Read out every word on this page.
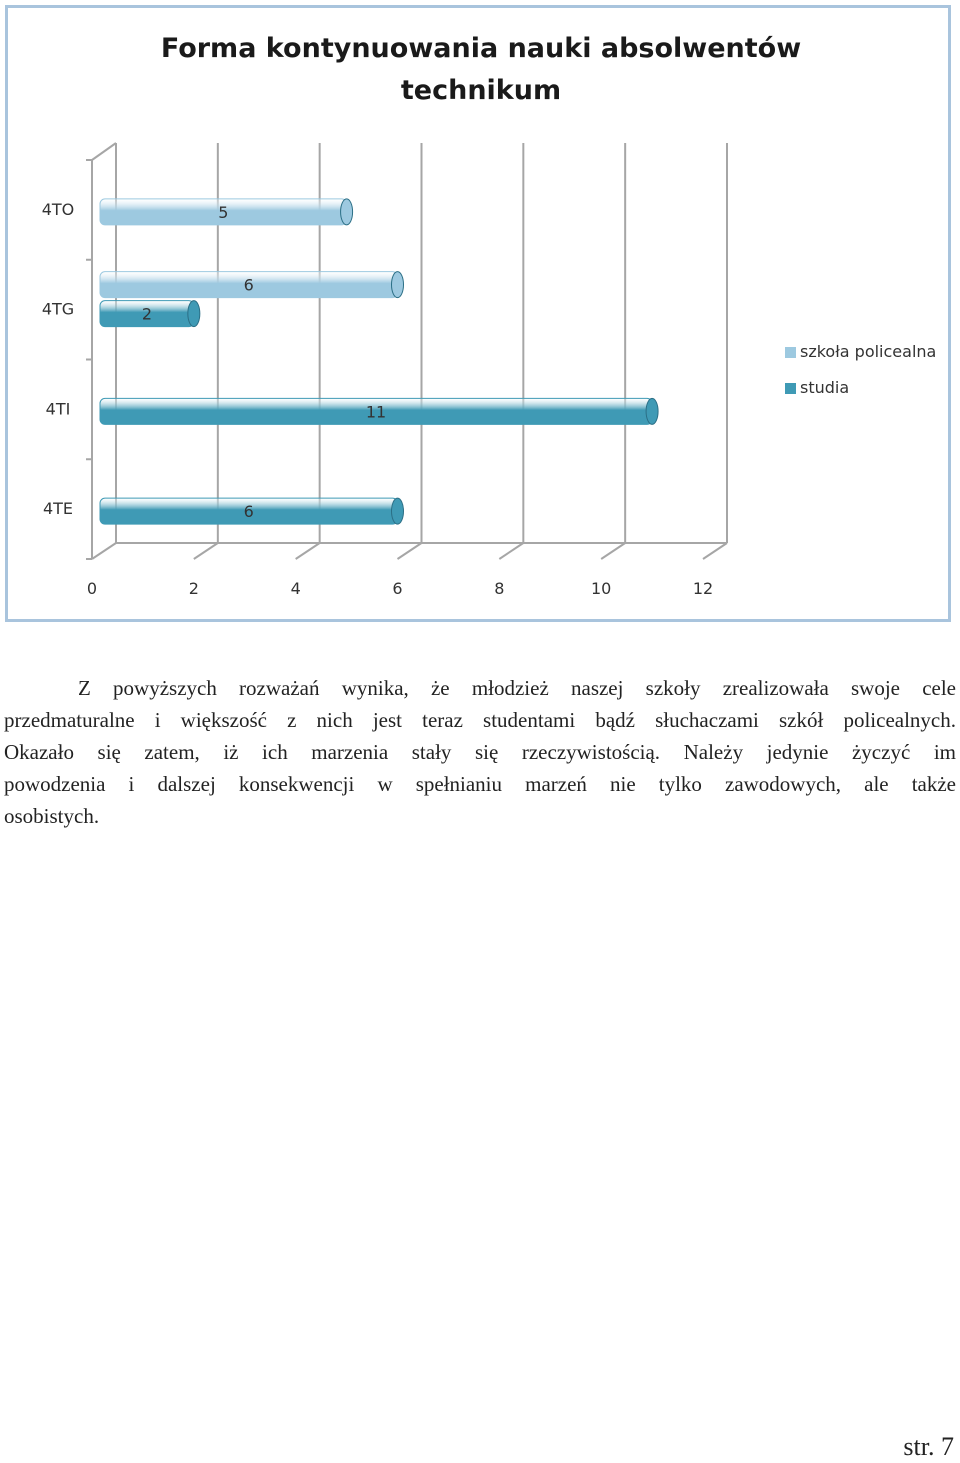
Forma kontynuowania nauki absolwentów
technikum
0	2	4	6	8	10	12
4TO	5
4TG
6
2
4TI	11
4TE	6
szkoła policealna
studia
Z powyższych rozważań wynika, że młodzież naszej szkoły zrealizowała swoje cele
przedmaturalne i większość z nich jest teraz studentami bądź słuchaczami szkół policealnych.
Okazało się zatem, iż ich marzenia stały się rzeczywistością. Należy jedynie życzyć im
powodzenia i dalszej konsekwencji w spełnianiu marzeń nie tylko zawodowych, ale także
osobistych.
str. 7
